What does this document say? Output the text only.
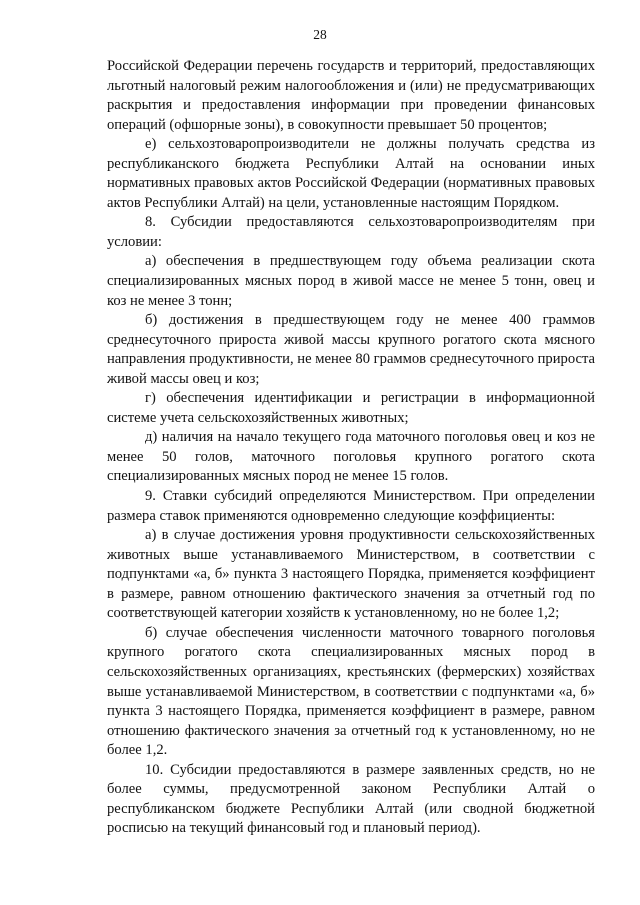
28

Российской Федерации перечень государств и территорий, предоставляющих льготный налоговый режим налогообложения и (или) не предусматривающих раскрытия и предоставления информации при проведении финансовых операций (офшорные зоны), в совокупности превышает 50 процентов;

е) сельхозтоваропроизводители не должны получать средства из республиканского бюджета Республики Алтай на основании иных нормативных правовых актов Российской Федерации (нормативных правовых актов Республики Алтай) на цели, установленные настоящим Порядком.

8. Субсидии предоставляются сельхозтоваропроизводителям при условии:

а) обеспечения в предшествующем году объема реализации скота специализированных мясных пород в живой массе не менее 5 тонн, овец и коз не менее 3 тонн;

б) достижения в предшествующем году не менее 400 граммов среднесуточного прироста живой массы крупного рогатого скота мясного направления продуктивности, не менее 80 граммов среднесуточного прироста живой массы овец и коз;

г) обеспечения идентификации и регистрации в информационной системе учета сельскохозяйственных животных;

д) наличия на начало текущего года маточного поголовья овец и коз не менее 50 голов, маточного поголовья крупного рогатого скота специализированных мясных пород не менее 15 голов.

9. Ставки субсидий определяются Министерством. При определении размера ставок применяются одновременно следующие коэффициенты:

а) в случае достижения уровня продуктивности сельскохозяйственных животных выше устанавливаемого Министерством, в соответствии с подпунктами «а, б» пункта 3 настоящего Порядка, применяется коэффициент в размере, равном отношению фактического значения за отчетный год по соответствующей категории хозяйств к установленному, но не более 1,2;

б) случае обеспечения численности маточного товарного поголовья крупного рогатого скота специализированных мясных пород в сельскохозяйственных организациях, крестьянских (фермерских) хозяйствах выше устанавливаемой Министерством, в соответствии с подпунктами «а, б» пункта 3 настоящего Порядка, применяется коэффициент в размере, равном отношению фактического значения за отчетный год к установленному, но не более 1,2.

10. Субсидии предоставляются в размере заявленных средств, но не более суммы, предусмотренной законом Республики Алтай о республиканском бюджете Республики Алтай (или сводной бюджетной росписью на текущий финансовый год и плановый период).
